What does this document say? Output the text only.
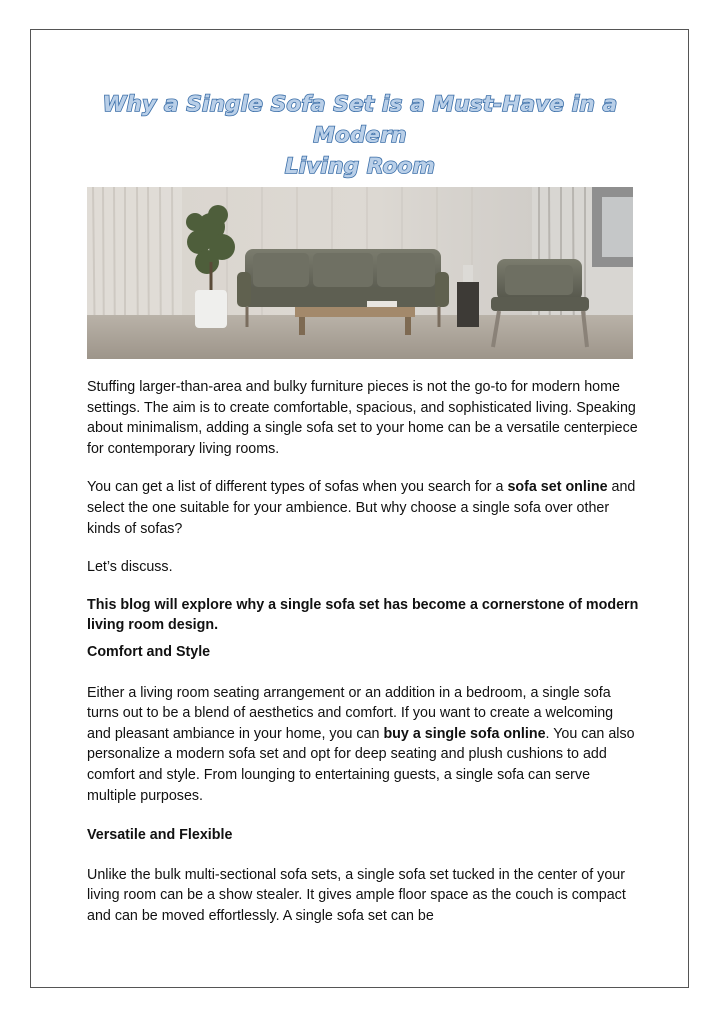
Why a Single Sofa Set is a Must-Have in a Modern
Living Room

Stuffing larger-than-area and bulky furniture pieces is not the go-to for modern home settings. The aim is to create comfortable, spacious, and sophisticated living. Speaking about minimalism, adding a single sofa set to your home can be a versatile centerpiece for contemporary living rooms.

You can get a list of different types of sofas when you search for a sofa set online and select the one suitable for your ambience. But why choose a single sofa over other kinds of sofas?

Let’s discuss.

This blog will explore why a single sofa set has become a cornerstone of modern living room design.

Comfort and Style

Either a living room seating arrangement or an addition in a bedroom, a single sofa turns out to be a blend of aesthetics and comfort. If you want to create a welcoming and pleasant ambiance in your home, you can buy a single sofa online. You can also personalize a modern sofa set and opt for deep seating and plush cushions to add comfort and style. From lounging to entertaining guests, a single sofa can serve multiple purposes.

Versatile and Flexible

Unlike the bulk multi-sectional sofa sets, a single sofa set tucked in the center of your living room can be a show stealer. It gives ample floor space as the couch is compact and can be moved effortlessly. A single sofa set can be
